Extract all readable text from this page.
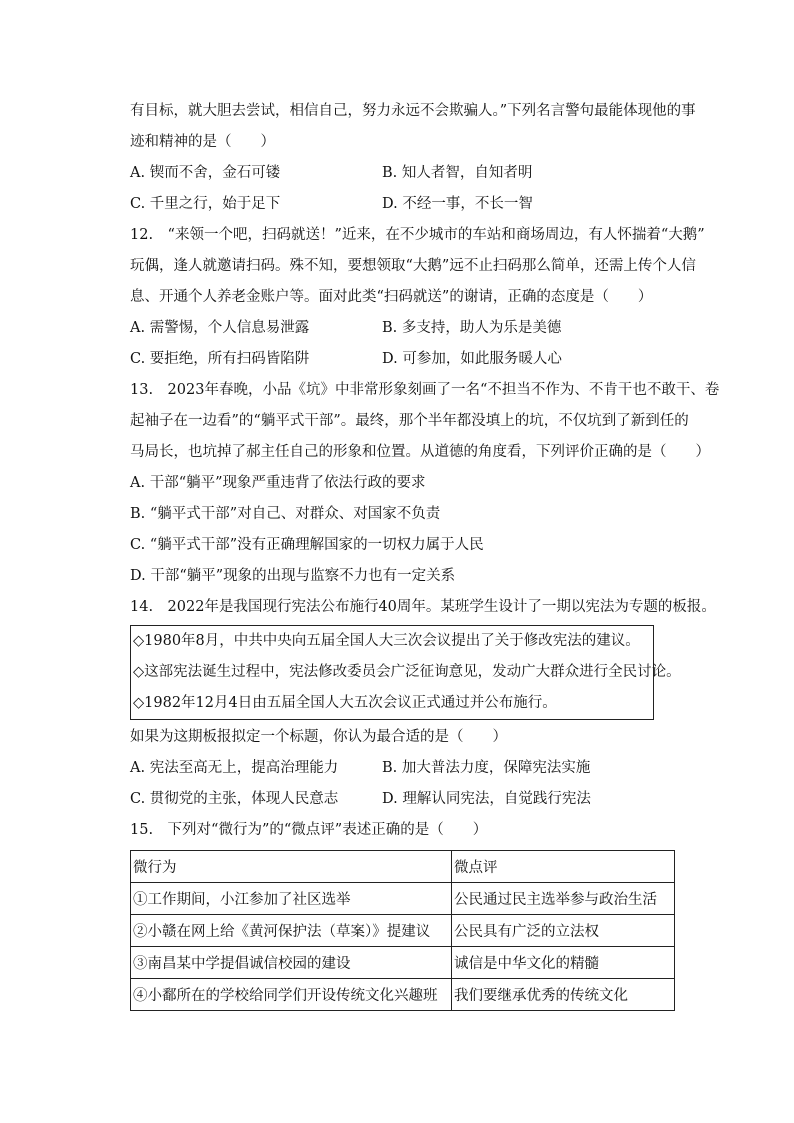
有目标，就大胆去尝试，相信自己，努力永远不会欺骗人。”下列名言警句最能体现他的事
迹和精神的是（　　）
A. 锲而不舍，金石可镂	B. 知人者智，自知者明
C. 千里之行，始于足下	D. 不经一事，不长一智
12.　“来领一个吧，扫码就送！”近来，在不少城市的车站和商场周边，有人怀揣着“大鹅”
玩偶，逢人就邀请扫码。殊不知，要想领取“大鹅”远不止扫码那么简单，还需上传个人信
息、开通个人养老金账户等。面对此类“扫码就送”的谢请，正确的态度是（　　）
A. 需警惕，个人信息易泄露	B. 多支持，助人为乐是美德
C. 要拒绝，所有扫码皆陷阱	D. 可参加，如此服务暖人心
13.　2023年春晚，小品《坑》中非常形象刻画了一名“不担当不作为、不肯干也不敢干、卷
起袖子在一边看”的“躺平式干部”。最终，那个半年都没填上的坑，不仅坑到了新到任的
马局长，也坑掉了郝主任自己的形象和位置。从道德的角度看，下列评价正确的是（　　）
A. 干部“躺平”现象严重违背了依法行政的要求
B. “躺平式干部”对自己、对群众、对国家不负责
C. “躺平式干部”没有正确理解国家的一切权力属于人民
D. 干部“躺平”现象的出现与监察不力也有一定关系
14.　2022年是我国现行宪法公布施行40周年。某班学生设计了一期以宪法为专题的板报。
◇1980年8月，中共中央向五届全国人大三次会议提出了关于修改宪法的建议。
◇这部宪法诞生过程中，宪法修改委员会广泛征询意见，发动广大群众进行全民讨论。
◇1982年12月4日由五届全国人大五次会议正式通过并公布施行。
如果为这期板报拟定一个标题，你认为最合适的是（　　）
A. 宪法至高无上，提高治理能力	B. 加大普法力度，保障宪法实施
C. 贯彻党的主张，体现人民意志	D. 理解认同宪法，自觉践行宪法
15.　下列对“微行为”的“微点评”表述正确的是（　　）
微行为	微点评
①工作期间，小江参加了社区选举	公民通过民主选举参与政治生活
②小赣在网上给《黄河保护法（草案）》提建议	公民具有广泛的立法权
③南昌某中学提倡诚信校园的建设	诚信是中华文化的精髓
④小鄱所在的学校给同学们开设传统文化兴趣班	我们要继承优秀的传统文化
